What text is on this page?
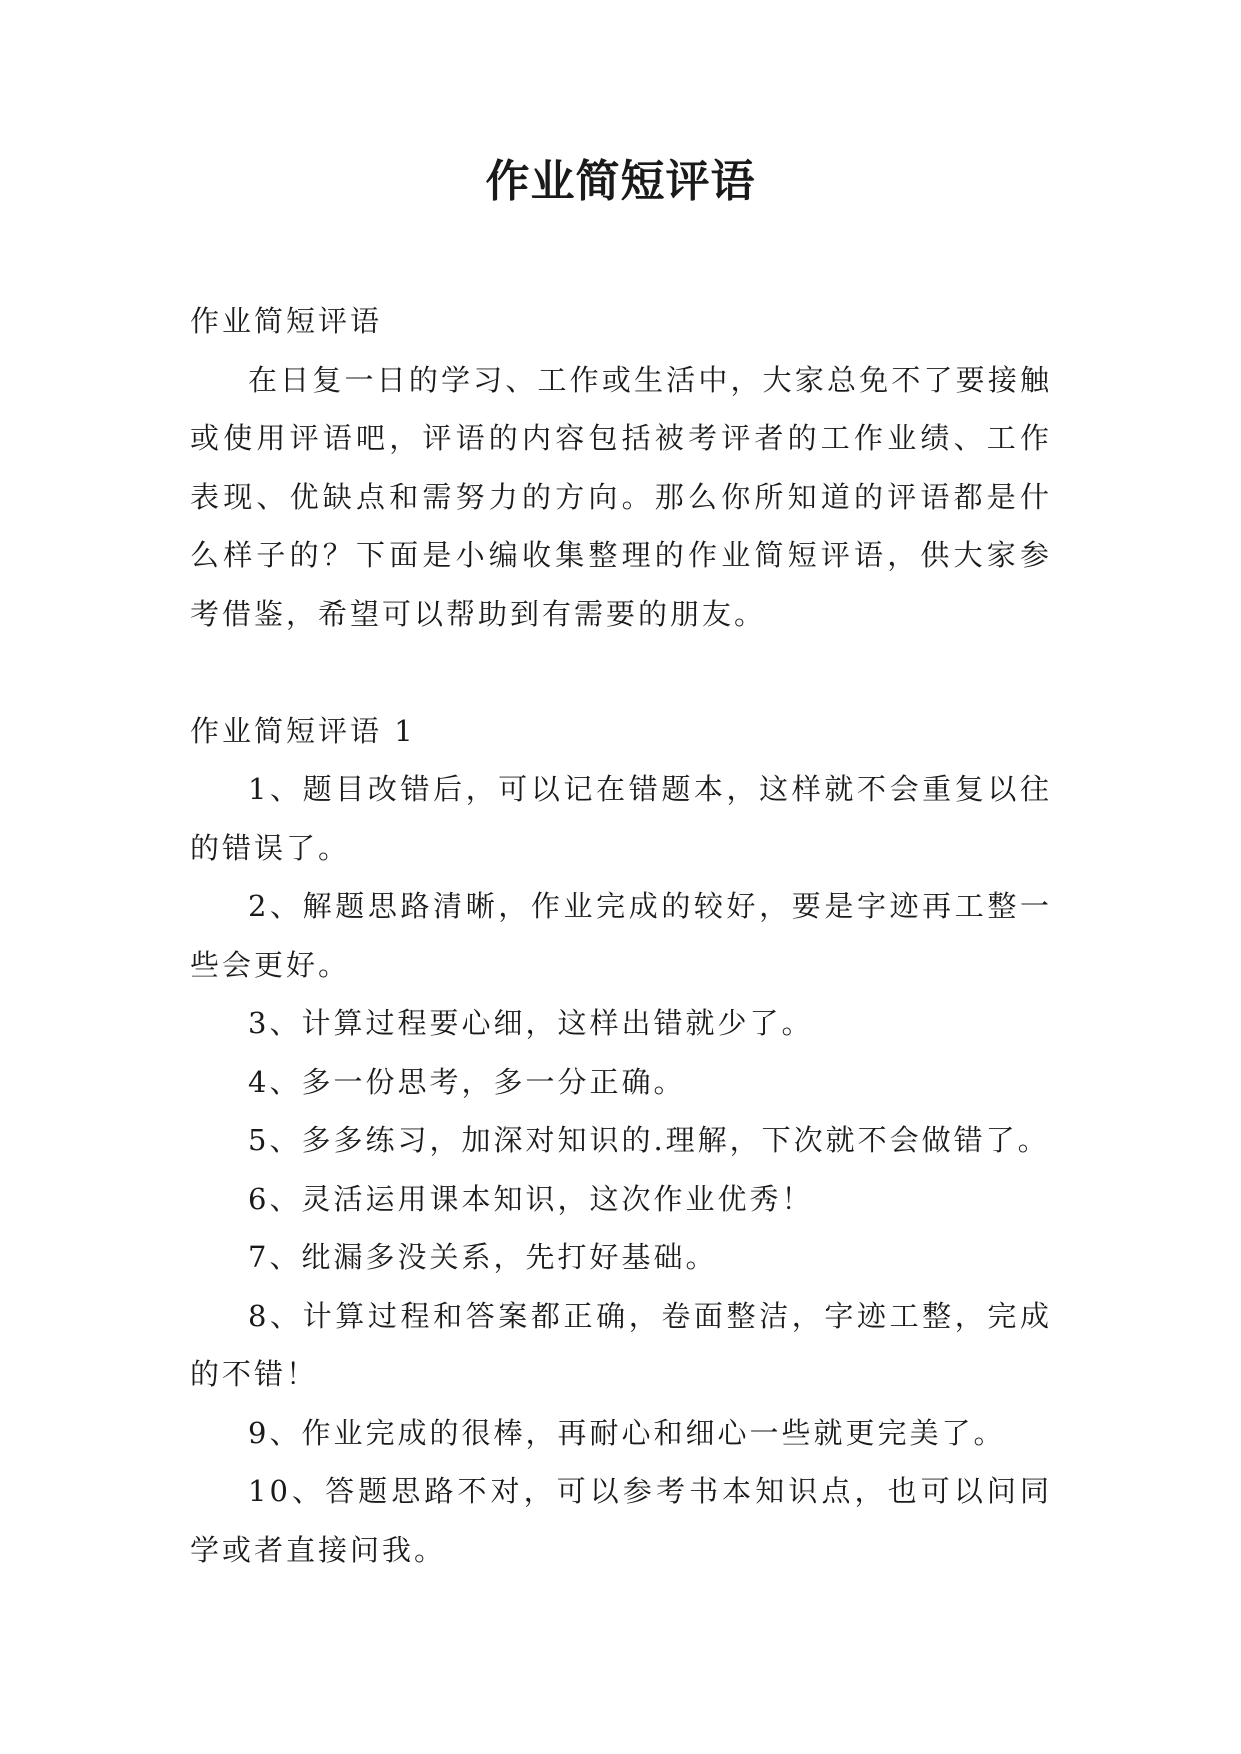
作业简短评语

作业简短评语

在日复一日的学习、工作或生活中，大家总免不了要接触或使用评语吧，评语的内容包括被考评者的工作业绩、工作表现、优缺点和需努力的方向。那么你所知道的评语都是什么样子的？下面是小编收集整理的作业简短评语，供大家参考借鉴，希望可以帮助到有需要的朋友。

作业简短评语 1

1、题目改错后，可以记在错题本，这样就不会重复以往的错误了。

2、解题思路清晰，作业完成的较好，要是字迹再工整一些会更好。

3、计算过程要心细，这样出错就少了。

4、多一份思考，多一分正确。

5、多多练习，加深对知识的.理解，下次就不会做错了。

6、灵活运用课本知识，这次作业优秀！

7、纰漏多没关系，先打好基础。

8、计算过程和答案都正确，卷面整洁，字迹工整，完成的不错！

9、作业完成的很棒，再耐心和细心一些就更完美了。

10、答题思路不对，可以参考书本知识点，也可以问同学或者直接问我。
